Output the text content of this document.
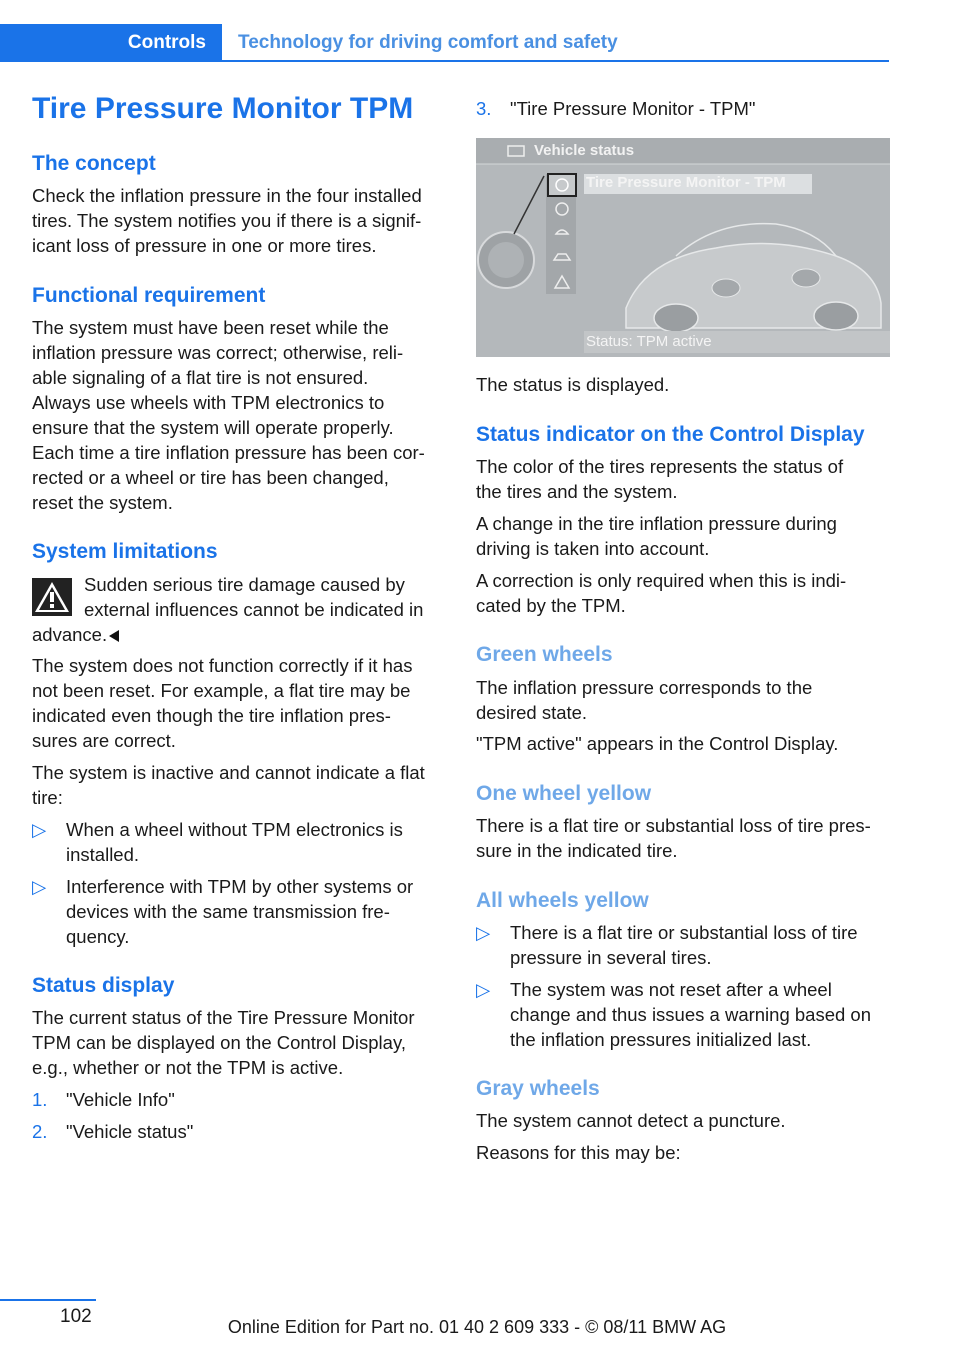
Controls Technology for driving comfort and safety
Tire Pressure Monitor TPM
The concept

Check the inflation pressure in the four installed

tires. The system notifies you if there is a signif-

icant loss of pressure in one or more tires.

Functional requirement

The system must have been reset while the

inflation pressure was correct; otherwise, reli-

able signaling of a flat tire is not ensured.

Always use wheels with TPM electronics to

ensure that the system will operate properly.

Each time a tire inflation pressure has been cor-

rected or a wheel or tire has been changed,

reset the system.

System limitations

Sudden serious tire damage caused by

external influences cannot be indicated in

advance.

The system does not function correctly if it has

not been reset. For example, a flat tire may be

indicated even though the tire inflation pres-

sures are correct.

The system is inactive and cannot indicate a flat

tire:

▷ When a wheel without TPM electronics is
installed.
▷ Interference with TPM by other systems or
devices with the same transmission fre-
quency.
Status display

The current status of the Tire Pressure Monitor

TPM can be displayed on the Control Display,

e.g., whether or not the TPM is active.

1. "Vehicle Info"
2. "Vehicle status"
3. "Tire Pressure Monitor - TPM"
Vehicle status
Tire Pressure Monitor - TPM
Status: TPM active

The status is displayed.

Status indicator on the Control Display

The color of the tires represents the status of

the tires and the system.

A change in the tire inflation pressure during

driving is taken into account.

A correction is only required when this is indi-

cated by the TPM.

Green wheels

The inflation pressure corresponds to the

desired state.

"TPM active" appears in the Control Display.

One wheel yellow

There is a flat tire or substantial loss of tire pres-

sure in the indicated tire.

All wheels yellow
▷ There is a flat tire or substantial loss of tire
pressure in several tires.
▷ The system was not reset after a wheel
change and thus issues a warning based on
the inflation pressures initialized last.
Gray wheels

The system cannot detect a puncture.

Reasons for this may be:

102	Online Edition for Part no. 01 40 2 609 333 - © 08/11 BMW AG
